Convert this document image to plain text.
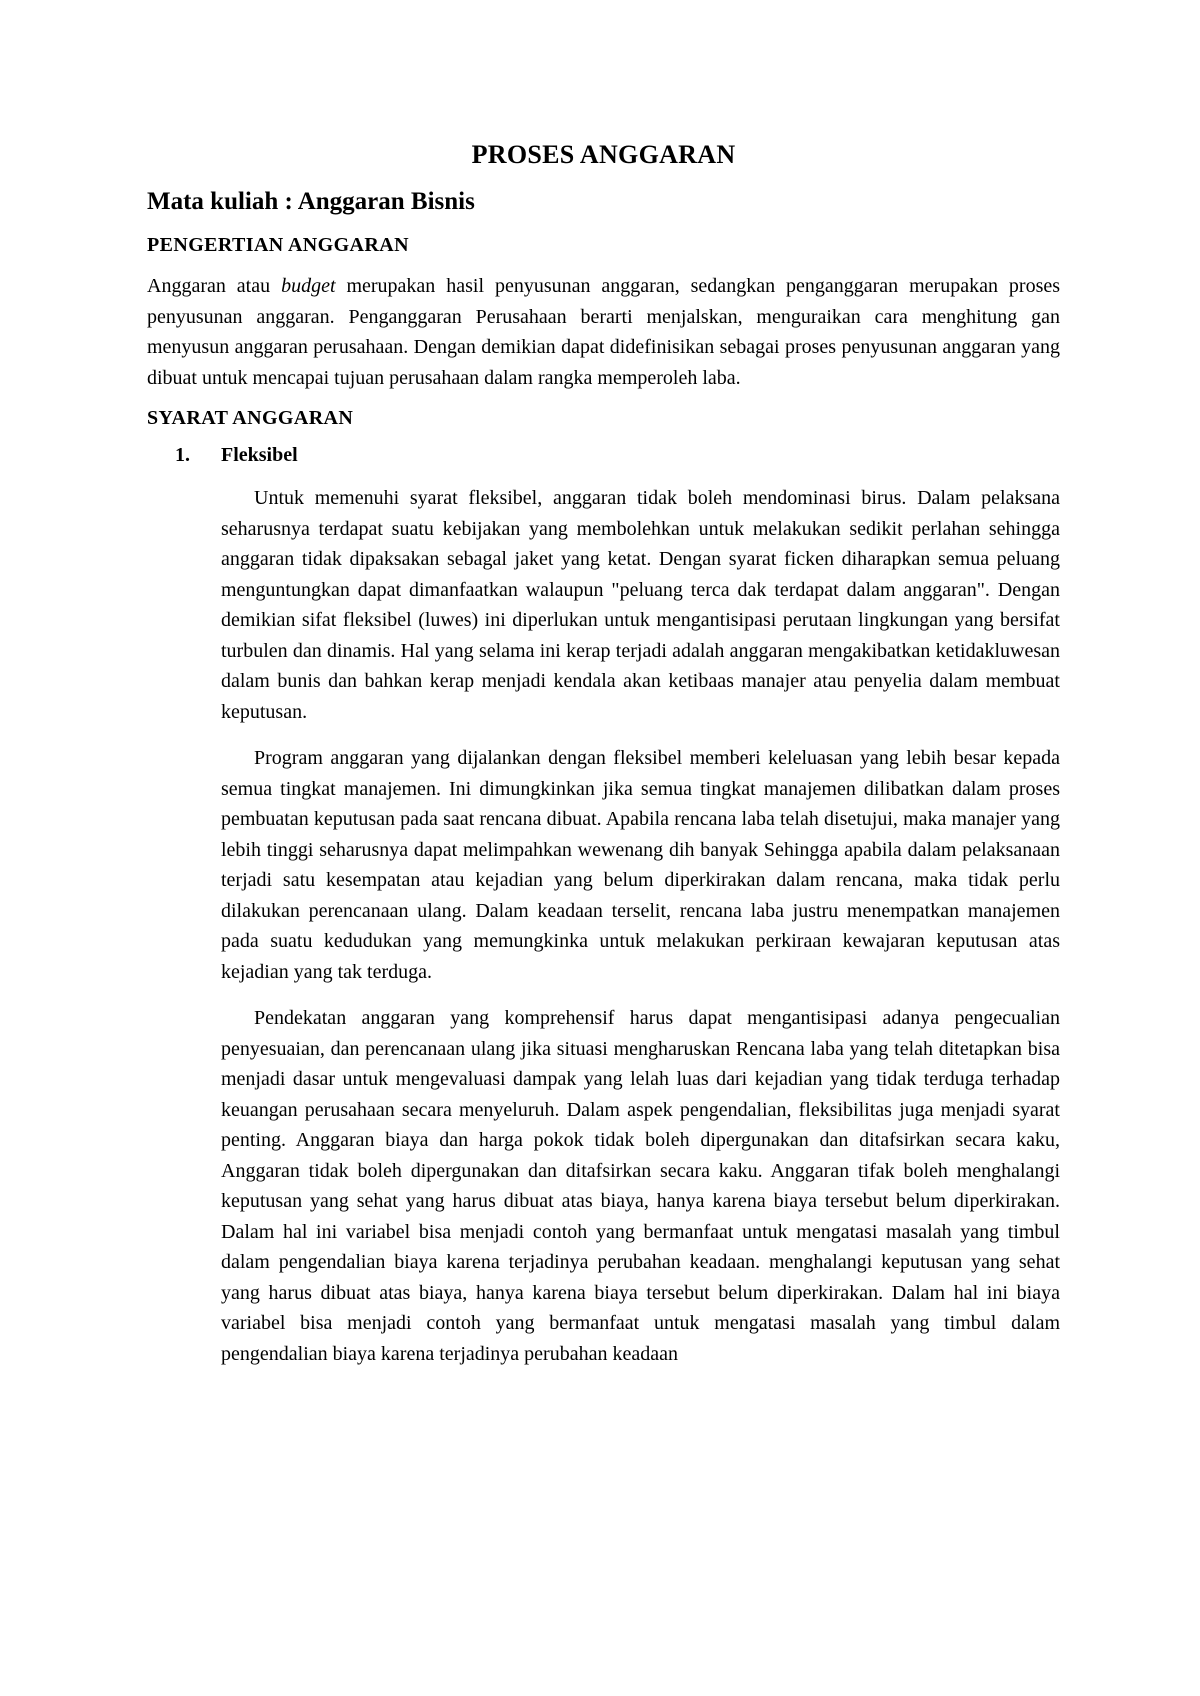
PROSES ANGGARAN
Mata kuliah : Anggaran Bisnis
PENGERTIAN ANGGARAN

Anggaran atau budget merupakan hasil penyusunan anggaran, sedangkan penganggaran merupakan proses penyusunan anggaran. Penganggaran Perusahaan berarti menjalskan, menguraikan cara menghitung gan menyusun anggaran perusahaan. Dengan demikian dapat didefinisikan sebagai proses penyusunan anggaran yang dibuat untuk mencapai tujuan perusahaan dalam rangka memperoleh laba.

SYARAT ANGGARAN
1.	Fleksibel

Untuk memenuhi syarat fleksibel, anggaran tidak boleh mendominasi birus. Dalam pelaksana seharusnya terdapat suatu kebijakan yang membolehkan untuk melakukan sedikit perlahan sehingga anggaran tidak dipaksakan sebagal jaket yang ketat. Dengan syarat ficken diharapkan semua peluang menguntungkan dapat dimanfaatkan walaupun "peluang terca dak terdapat dalam anggaran". Dengan demikian sifat fleksibel (luwes) ini diperlukan untuk mengantisipasi perutaan lingkungan yang bersifat turbulen dan dinamis. Hal yang selama ini kerap terjadi adalah anggaran mengakibatkan ketidakluwesan dalam bunis dan bahkan kerap menjadi kendala akan ketibaas manajer atau penyelia dalam membuat keputusan.

Program anggaran yang dijalankan dengan fleksibel memberi keleluasan yang lebih besar kepada semua tingkat manajemen. Ini dimungkinkan jika semua tingkat manajemen dilibatkan dalam proses pembuatan keputusan pada saat rencana dibuat. Apabila rencana laba telah disetujui, maka manajer yang lebih tinggi seharusnya dapat melimpahkan wewenang dih banyak Sehingga apabila dalam pelaksanaan terjadi satu kesempatan atau kejadian yang belum diperkirakan dalam rencana, maka tidak perlu dilakukan perencanaan ulang. Dalam keadaan terselit, rencana laba justru menempatkan manajemen pada suatu kedudukan yang memungkinka untuk melakukan perkiraan kewajaran keputusan atas kejadian yang tak terduga.

Pendekatan anggaran yang komprehensif harus dapat mengantisipasi adanya pengecualian penyesuaian, dan perencanaan ulang jika situasi mengharuskan Rencana laba yang telah ditetapkan bisa menjadi dasar untuk mengevaluasi dampak yang lelah luas dari kejadian yang tidak terduga terhadap keuangan perusahaan secara menyeluruh. Dalam aspek pengendalian, fleksibilitas juga menjadi syarat penting. Anggaran biaya dan harga pokok tidak boleh dipergunakan dan ditafsirkan secara kaku, Anggaran tidak boleh dipergunakan dan ditafsirkan secara kaku. Anggaran tifak boleh menghalangi keputusan yang sehat yang harus dibuat atas biaya, hanya karena biaya tersebut belum diperkirakan. Dalam hal ini variabel bisa menjadi contoh yang bermanfaat untuk mengatasi masalah yang timbul dalam pengendalian biaya karena terjadinya perubahan keadaan. menghalangi keputusan yang sehat yang harus dibuat atas biaya, hanya karena biaya tersebut belum diperkirakan. Dalam hal ini biaya variabel bisa menjadi contoh yang bermanfaat untuk mengatasi masalah yang timbul dalam pengendalian biaya karena terjadinya perubahan keadaan
